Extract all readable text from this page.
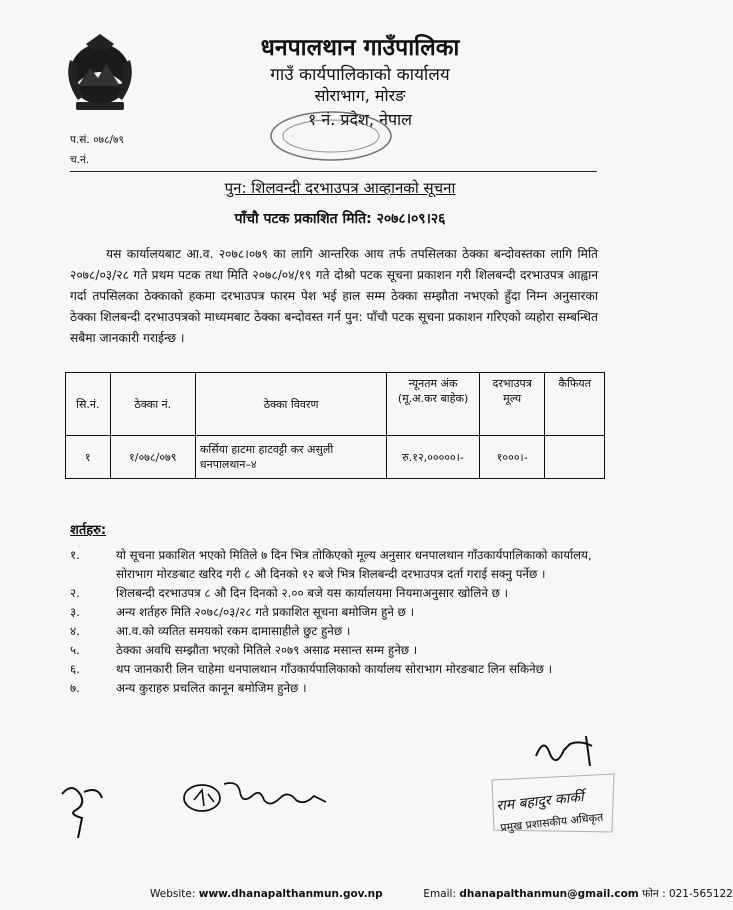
धनपालथान गाउँपालिका
गाउँ कार्यपालिकाको कार्यालय
सोराभाग, मोरङ
१ नं. प्रदेश, नेपाल
प.सं. ०७८/७९
च.नं.
पुन: शिलवन्दी दरभाउपत्र आव्हानको सूचना
पाँचौ पटक प्रकाशित मिति: २०७८।०९।२६
यस कार्यालयबाट आ.व. २०७८।०७९ का लागि आन्तरिक आय तर्फ तपसिलका ठेक्का बन्दोवस्तका लागि मिति २०७८/०३/२८ गते प्रथम पटक तथा मिति २०७८/०४/१९ गते दोश्रो पटक सूचना प्रकाशन गरी शिलबन्दी दरभाउपत्र आह्वान गर्दा तपसिलका ठेक्काको हकमा दरभाउपत्र फारम पेश भई हाल सम्म ठेक्का सम्झौता नभएको हुँदा निम्न अनुसारका ठेक्का शिलबन्दी दरभाउपत्रको माध्यमबाट ठेक्का बन्दोवस्त गर्न पुन: पाँचौ पटक सूचना प्रकाशन गरिएको व्यहोरा सम्बन्धित सबैमा जानकारी गराईन्छ ।
सि.नं.	ठेक्का नं.	ठेक्का विवरण	न्यूनतम अंक (मू.अ.कर बाहेक)	दरभाउपत्र मूल्य	कैफियत
१	१/०७८/०७९	कर्सिया हाटमा हाटवट्टी कर असुली धनपालथान–४	रु.१२,०००००।-	१०००।-	
शर्तहरु:
१.	यो सूचना प्रकाशित भएको मितिले ७ दिन भित्र तोकिएको मूल्य अनुसार धनपालथान गाँउकार्यपालिकाको कार्यालय, सोराभाग मोरङबाट खरिद गरी ८ औ दिनको १२ बजे भित्र शिलबन्दी दरभाउपत्र दर्ता गराई सक्नु पर्नेछ ।
२.	शिलबन्दी दरभाउपत्र ८ औ दिन दिनको २.०० बजे यस कार्यालयमा नियमाअनुसार खोलिने छ ।
३.	अन्य शर्तहरु मिति २०७८/०३/२८ गते प्रकाशित सूचना बमोजिम हुने छ ।
४.	आ.व.को व्यतित समयको रकम दामासाहीले छुट हुनेछ ।
५.	ठेक्का अवधि सम्झौता भएको मितिले २०७९ असाढ मसान्त सम्म हुनेछ ।
६.	थप जानकारी लिन चाहेमा धनपालथान गाँउकार्यपालिकाको कार्यालय सोराभाग मोरङबाट लिन सकिनेछ ।
७.	अन्य कुराहरु प्रचलित कानून बमोजिम हुनेछ ।
राम बहादुर कार्की
प्रमुख प्रशासकीय अधिकृत
Website: www.dhanapalthanmun.gov.np	Email: dhanapalthanmun@gmail.com फोन : 021-565122
